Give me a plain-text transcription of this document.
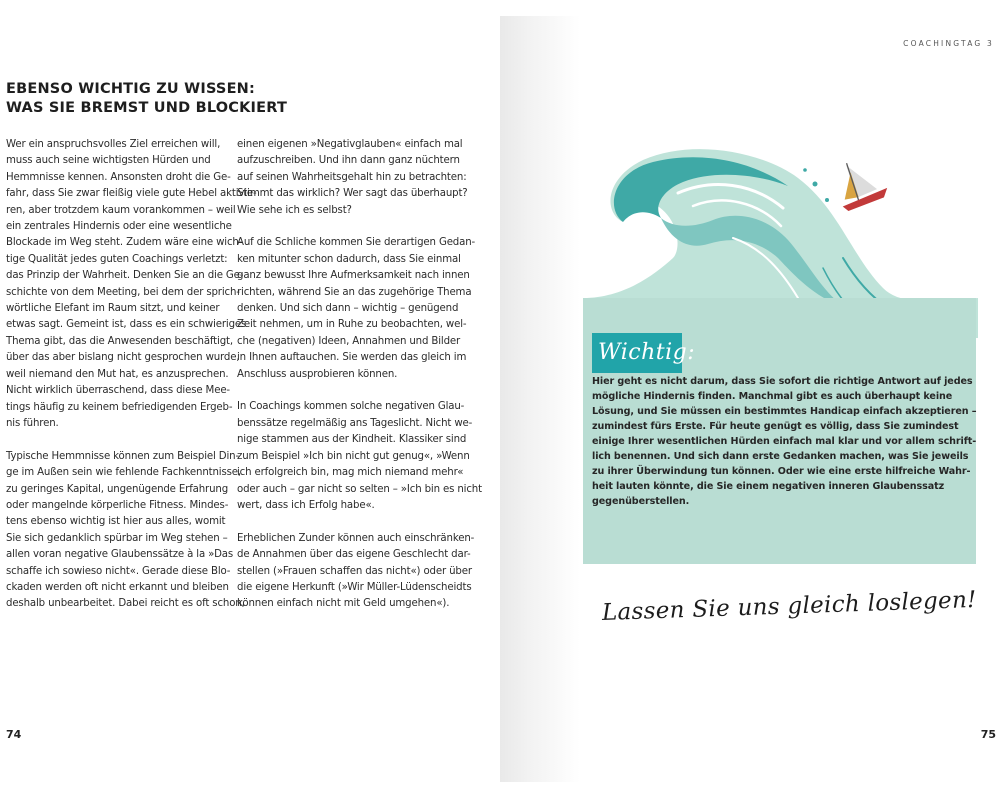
EBENSO WICHTIG ZU WISSEN:
WAS SIE BREMST UND BLOCKIERT
Wer ein anspruchsvolles Ziel erreichen will,
muss auch seine wichtigsten Hürden und
Hemmnisse kennen. Ansonsten droht die Ge-
fahr, dass Sie zwar fleißig viele gute Hebel aktivie-
ren, aber trotzdem kaum vorankommen – weil
ein zentrales Hindernis oder eine wesentliche
Blockade im Weg steht. Zudem wäre eine wich-
tige Qualität jedes guten Coachings verletzt:
das Prinzip der Wahrheit. Denken Sie an die Ge-
schichte von dem Meeting, bei dem der sprich-
wörtliche Elefant im Raum sitzt, und keiner
etwas sagt. Gemeint ist, dass es ein schwieriges
Thema gibt, das die Anwesenden beschäftigt,
über das aber bislang nicht gesprochen wurde,
weil niemand den Mut hat, es anzusprechen.
Nicht wirklich überraschend, dass diese Mee-
tings häufig zu keinem befriedigenden Ergeb-
nis führen.
Typische Hemmnisse können zum Beispiel Din-
ge im Außen sein wie fehlende Fachkenntnisse,
zu geringes Kapital, ungenügende Erfahrung
oder mangelnde körperliche Fitness. Mindes-
tens ebenso wichtig ist hier aus alles, womit
Sie sich gedanklich spürbar im Weg stehen –
allen voran negative Glaubenssätze à la »Das
schaffe ich sowieso nicht«. Gerade diese Blo-
ckaden werden oft nicht erkannt und bleiben
deshalb unbearbeitet. Dabei reicht es oft schon,
einen eigenen »Negativglauben« einfach mal
aufzuschreiben. Und ihn dann ganz nüchtern
auf seinen Wahrheitsgehalt hin zu betrachten:
Stimmt das wirklich? Wer sagt das überhaupt?
Wie sehe ich es selbst?
Auf die Schliche kommen Sie derartigen Gedan-
ken mitunter schon dadurch, dass Sie einmal
ganz bewusst Ihre Aufmerksamkeit nach innen
richten, während Sie an das zugehörige Thema
denken. Und sich dann – wichtig – genügend
Zeit nehmen, um in Ruhe zu beobachten, wel-
che (negativen) Ideen, Annahmen und Bilder
in Ihnen auftauchen. Sie werden das gleich im
Anschluss ausprobieren können.
In Coachings kommen solche negativen Glau-
benssätze regelmäßig ans Tageslicht. Nicht we-
nige stammen aus der Kindheit. Klassiker sind
zum Beispiel »Ich bin nicht gut genug«, »Wenn
ich erfolgreich bin, mag mich niemand mehr«
oder auch – gar nicht so selten – »Ich bin es nicht
wert, dass ich Erfolg habe«.
Erheblichen Zunder können auch einschränken-
de Annahmen über das eigene Geschlecht dar-
stellen (»Frauen schaffen das nicht«) oder über
die eigene Herkunft (»Wir Müller-Lüdenscheidts
können einfach nicht mit Geld umgehen«).
74
COACHINGTAG 3
Wichtig:
Hier geht es nicht darum, dass Sie sofort die richtige Antwort auf jedes
mögliche Hindernis finden. Manchmal gibt es auch überhaupt keine
Lösung, und Sie müssen ein bestimmtes Handicap einfach akzeptieren –
zumindest fürs Erste. Für heute genügt es völlig, dass Sie zumindest
einige Ihrer wesentlichen Hürden einfach mal klar und vor allem schrift-
lich benennen. Und sich dann erste Gedanken machen, was Sie jeweils
zu ihrer Überwindung tun können. Oder wie eine erste hilfreiche Wahr-
heit lauten könnte, die Sie einem negativen inneren Glaubenssatz
gegenüberstellen.
Lassen Sie uns gleich loslegen!
75
